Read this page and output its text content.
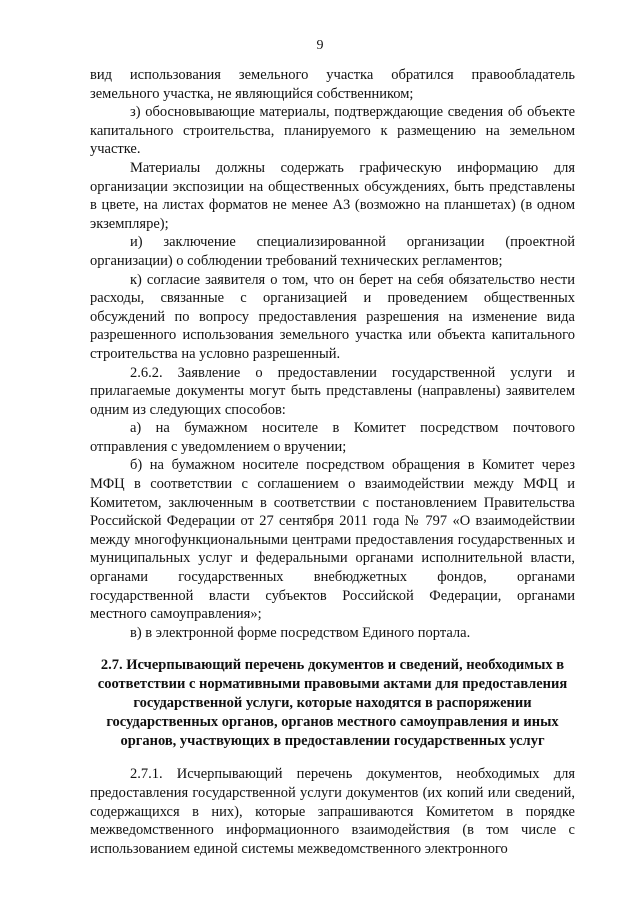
9

вид использования земельного участка обратился правообладатель земельного участка, не являющийся собственником;

з) обосновывающие материалы, подтверждающие сведения об объекте капитального строительства, планируемого к размещению на земельном участке.

Материалы должны содержать графическую информацию для организации экспозиции на общественных обсуждениях, быть представлены в цвете, на листах форматов не менее А3 (возможно на планшетах) (в одном экземпляре);

и) заключение специализированной организации (проектной организации) о соблюдении требований технических регламентов;

к) согласие заявителя о том, что он берет на себя обязательство нести расходы, связанные с организацией и проведением общественных обсуждений по вопросу предоставления разрешения на изменение вида разрешенного использования земельного участка или объекта капитального строительства на условно разрешенный.

2.6.2. Заявление о предоставлении государственной услуги и прилагаемые документы могут быть представлены (направлены) заявителем одним из следующих способов:

а) на бумажном носителе в Комитет посредством почтового отправления с уведомлением о вручении;

б) на бумажном носителе посредством обращения в Комитет через МФЦ в соответствии с соглашением о взаимодействии между МФЦ и Комитетом, заключенным в соответствии с постановлением Правительства Российской Федерации от 27 сентября 2011 года № 797 «О взаимодействии между многофункциональными центрами предоставления государственных и муниципальных услуг и федеральными органами исполнительной власти, органами государственных внебюджетных фондов, органами государственной власти субъектов Российской Федерации, органами местного самоуправления»;

в) в электронной форме посредством Единого портала.

2.7. Исчерпывающий перечень документов и сведений, необходимых в соответствии с нормативными правовыми актами для предоставления государственной услуги, которые находятся в распоряжении государственных органов, органов местного самоуправления и иных органов, участвующих в предоставлении государственных услуг

2.7.1. Исчерпывающий перечень документов, необходимых для предоставления государственной услуги документов (их копий или сведений, содержащихся в них), которые запрашиваются Комитетом в порядке межведомственного информационного взаимодействия (в том числе с использованием единой системы межведомственного электронного
